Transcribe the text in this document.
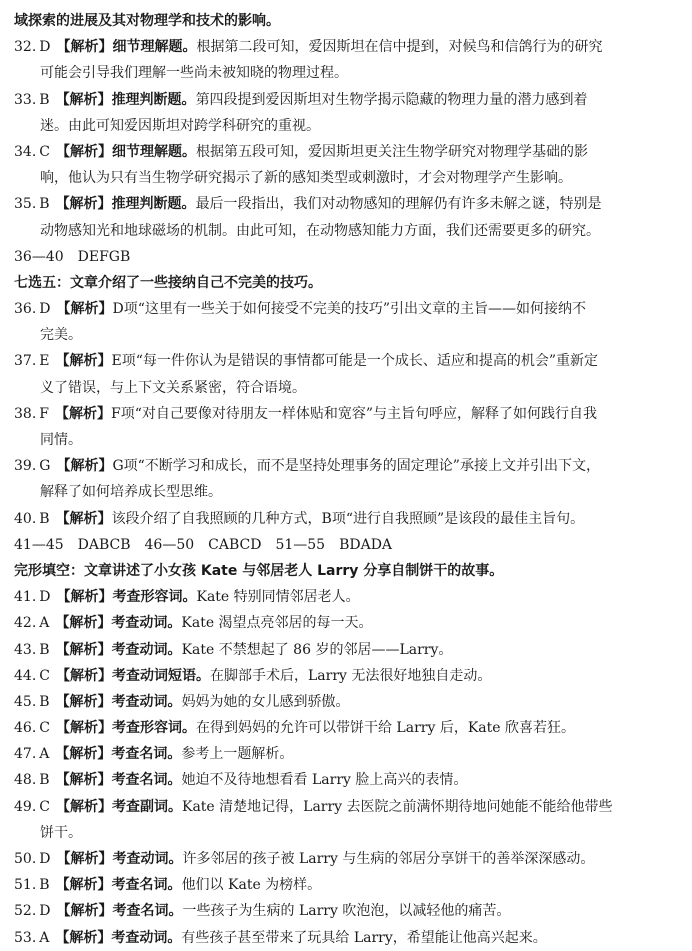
域探索的进展及其对物理学和技术的影响。
32. D 【解析】细节理解题。根据第二段可知，爱因斯坦在信中提到，对候鸟和信鸽行为的研究
可能会引导我们理解一些尚未被知晓的物理过程。
33. B 【解析】推理判断题。第四段提到爱因斯坦对生物学揭示隐藏的物理力量的潜力感到着
迷。由此可知爱因斯坦对跨学科研究的重视。
34. C 【解析】细节理解题。根据第五段可知，爱因斯坦更关注生物学研究对物理学基础的影
响，他认为只有当生物学研究揭示了新的感知类型或刺激时，才会对物理学产生影响。
35. B 【解析】推理判断题。最后一段指出，我们对动物感知的理解仍有许多未解之谜，特别是
动物感知光和地球磁场的机制。由此可知，在动物感知能力方面，我们还需要更多的研究。
36—40　DEFGB
七选五：文章介绍了一些接纳自己不完美的技巧。
36. D 【解析】D项“这里有一些关于如何接受不完美的技巧”引出文章的主旨——如何接纳不
完美。
37. E 【解析】E项“每一件你认为是错误的事情都可能是一个成长、适应和提高的机会”重新定
义了错误，与上下文关系紧密，符合语境。
38. F 【解析】F项“对自己要像对待朋友一样体贴和宽容”与主旨句呼应，解释了如何践行自我
同情。
39. G 【解析】G项“不断学习和成长，而不是坚持处理事务的固定理论”承接上文并引出下文，
解释了如何培养成长型思维。
40. B 【解析】该段介绍了自我照顾的几种方式，B项“进行自我照顾”是该段的最佳主旨句。
41—45　DABCB　46—50　CABCD　51—55　BDADA
完形填空：文章讲述了小女孩 Kate 与邻居老人 Larry 分享自制饼干的故事。
41. D 【解析】考查形容词。Kate 特别同情邻居老人。
42. A 【解析】考查动词。Kate 渴望点亮邻居的每一天。
43. B 【解析】考查动词。Kate 不禁想起了 86 岁的邻居——Larry。
44. C 【解析】考查动词短语。在脚部手术后，Larry 无法很好地独自走动。
45. B 【解析】考查动词。妈妈为她的女儿感到骄傲。
46. C 【解析】考查形容词。在得到妈妈的允许可以带饼干给 Larry 后，Kate 欣喜若狂。
47. A 【解析】考查名词。参考上一题解析。
48. B 【解析】考查名词。她迫不及待地想看看 Larry 脸上高兴的表情。
49. C 【解析】考查副词。Kate 清楚地记得，Larry 去医院之前满怀期待地问她能不能给他带些
饼干。
50. D 【解析】考查动词。许多邻居的孩子被 Larry 与生病的邻居分享饼干的善举深深感动。
51. B 【解析】考查名词。他们以 Kate 为榜样。
52. D 【解析】考查名词。一些孩子为生病的 Larry 吹泡泡，以减轻他的痛苦。
53. A 【解析】考查动词。有些孩子甚至带来了玩具给 Larry，希望能让他高兴起来。
